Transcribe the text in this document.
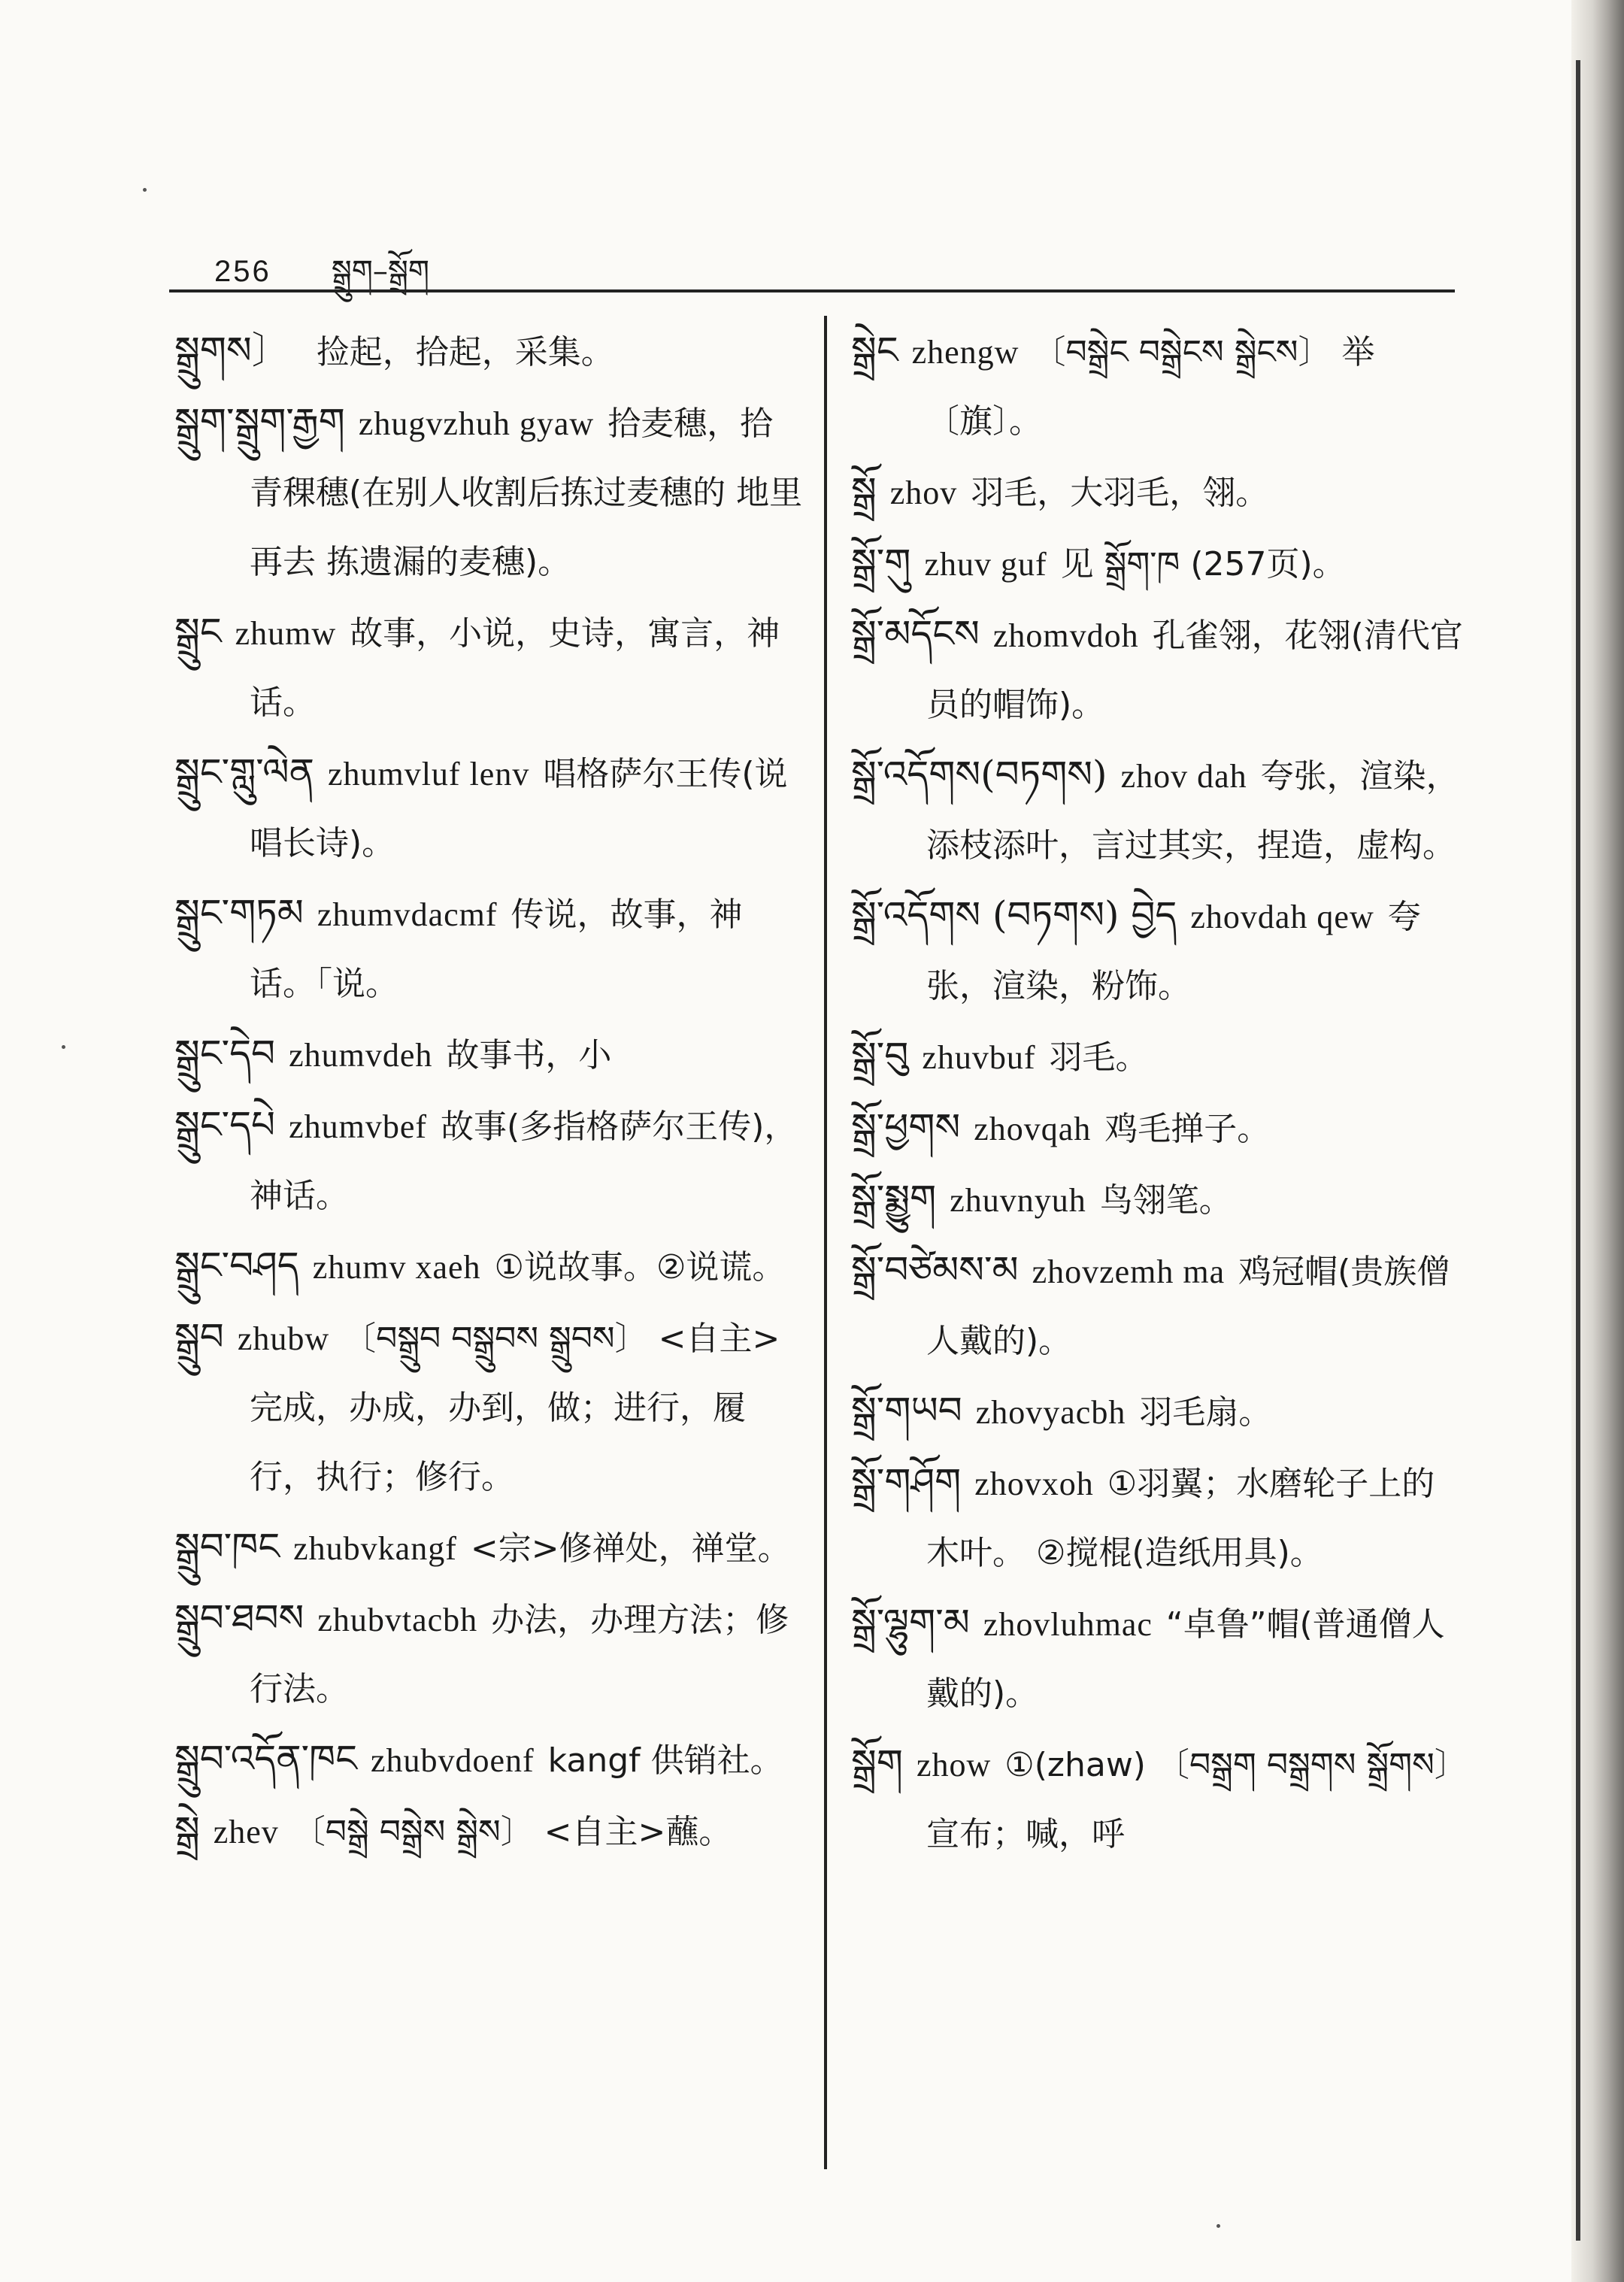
256 སྒྲུག–སྒྲོག

སྒྲུགས〕 捡起，拾起，采集。

སྒྲུག་སྒྲུག་རྒྱག zhugvzhuh gyaw 拾麦穗，拾青稞穗(在别人收割后拣过麦穗的 地里 再去 拣遗漏的麦穗)。

སྒྲུང zhumw 故事，小说，史诗，寓言，神话。

སྒྲུང་གླུ་ལེན zhumvluf lenv 唱格萨尔王传(说唱长诗)。

སྒྲུང་གཏམ zhumvdacmf 传说，故事，神话。「说。

སྒྲུང་དེབ zhumvdeh 故事书，小

སྒྲུང་དཔེ zhumvbef 故事(多指格萨尔王传)，神话。

སྒྲུང་བཤད zhumv xaeh ①说故事。②说谎。

སྒྲུབ zhubw 〔བསྒྲུབ བསྒྲུབས སྒྲུབས〕 <自主>完成，办成，办到，做；进行，履行，执行；修行。

སྒྲུབ་ཁང zhubvkangf <宗>修禅处，禅堂。

སྒྲུབ་ཐབས zhubvtacbh 办法，办理方法；修行法。

སྒྲུབ་འདོན་ཁང zhubvdoenf kangf 供销社。

སྒྲེ zhev 〔བསྒྲེ བསྒྲེས སྒྲེས〕 <自主>蘸。

སྒྲེང zhengw 〔བསྒྲེང བསྒྲེངས སྒྲེངས〕 举〔旗〕。

སྒྲོ zhov 羽毛，大羽毛，翎。

སྒྲོ་གུ zhuv guf 见 སྒྲོག་ཁ (257页)。

སྒྲོ་མདོངས zhomvdoh 孔雀翎，花翎(清代官员的帽饰)。

སྒྲོ་འདོགས(བཏགས) zhov dah 夸张，渲染，添枝添叶，言过其实，捏造，虚构。

སྒྲོ་འདོགས (བཏགས) བྱེད zhovdah qew 夸张，渲染，粉饰。

སྒྲོ་བུ zhuvbuf 羽毛。

སྒྲོ་ཕྱགས zhovqah 鸡毛掸子。

སྒྲོ་སྨྱུག zhuvnyuh 鸟翎笔。

སྒྲོ་བཙེམས་མ zhovzemh ma 鸡冠帽(贵族僧人戴的)。

སྒྲོ་གཡབ zhovyacbh 羽毛扇。

སྒྲོ་གཤོག zhovxoh ①羽翼；水磨轮子上的木叶。 ②搅棍(造纸用具)。

སྒྲོ་ལྷུག་མ zhovluhmac “卓鲁”帽(普通僧人戴的)。

སྒྲོག zhow ①(zhaw) 〔བསྒྲག བསྒྲགས སྒྲོགས〕 宣布；喊，呼
